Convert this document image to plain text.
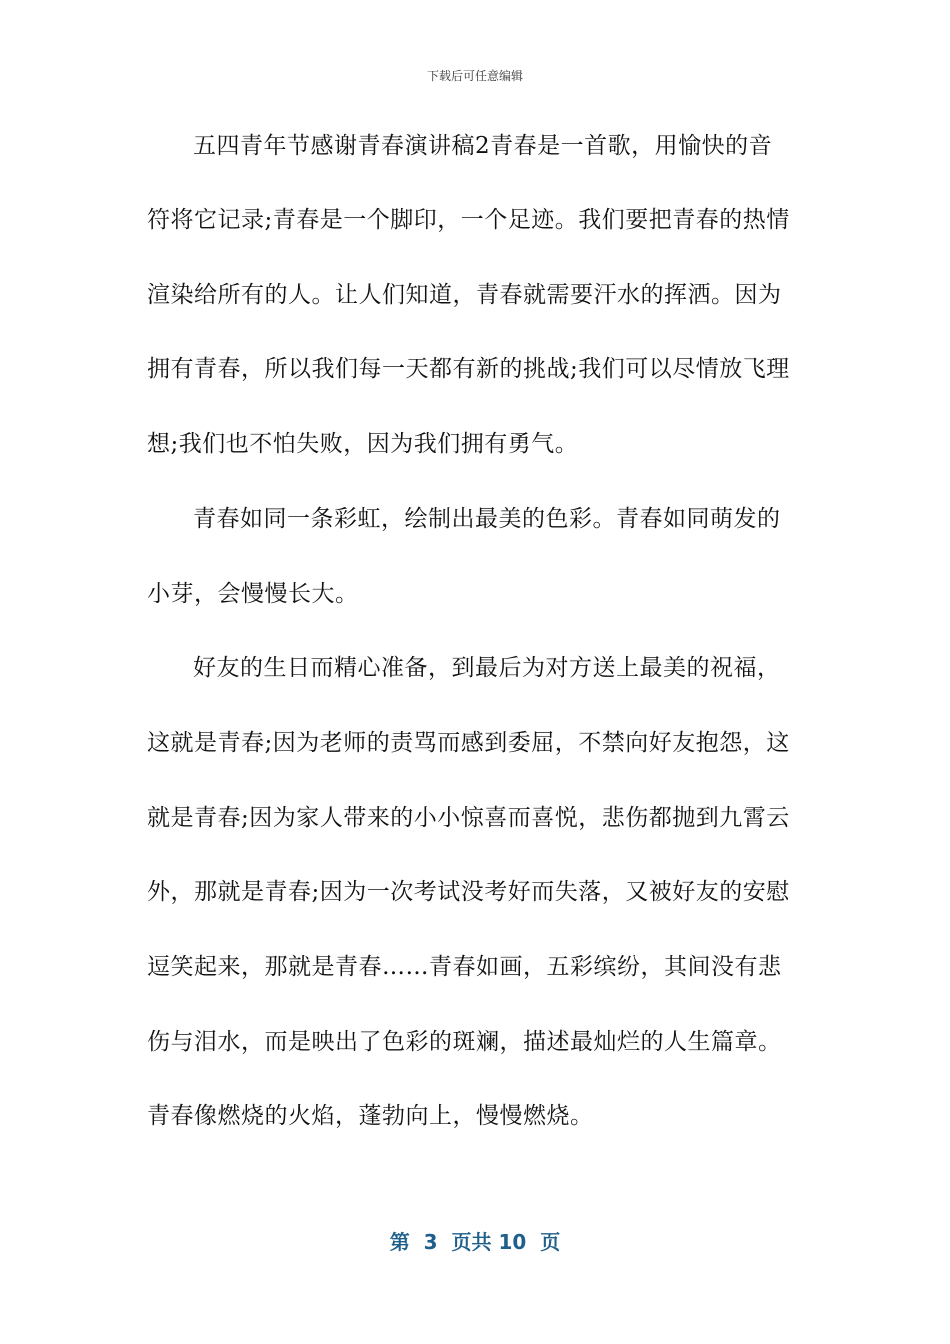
下载后可任意编辑
五四青年节感谢青春演讲稿2青春是一首歌，用愉快的音
符将它记录;青春是一个脚印，一个足迹。我们要把青春的热情
渲染给所有的人。让人们知道，青春就需要汗水的挥洒。因为
拥有青春，所以我们每一天都有新的挑战;我们可以尽情放飞理
想;我们也不怕失败，因为我们拥有勇气。
青春如同一条彩虹，绘制出最美的色彩。青春如同萌发的
小芽，会慢慢长大。
好友的生日而精心准备，到最后为对方送上最美的祝福，
这就是青春;因为老师的责骂而感到委屈，不禁向好友抱怨，这
就是青春;因为家人带来的小小惊喜而喜悦，悲伤都抛到九霄云
外，那就是青春;因为一次考试没考好而失落，又被好友的安慰
逗笑起来，那就是青春……青春如画，五彩缤纷，其间没有悲
伤与泪水，而是映出了色彩的斑斓，描述最灿烂的人生篇章。
青春像燃烧的火焰，蓬勃向上，慢慢燃烧。
第  3  页共 10  页
